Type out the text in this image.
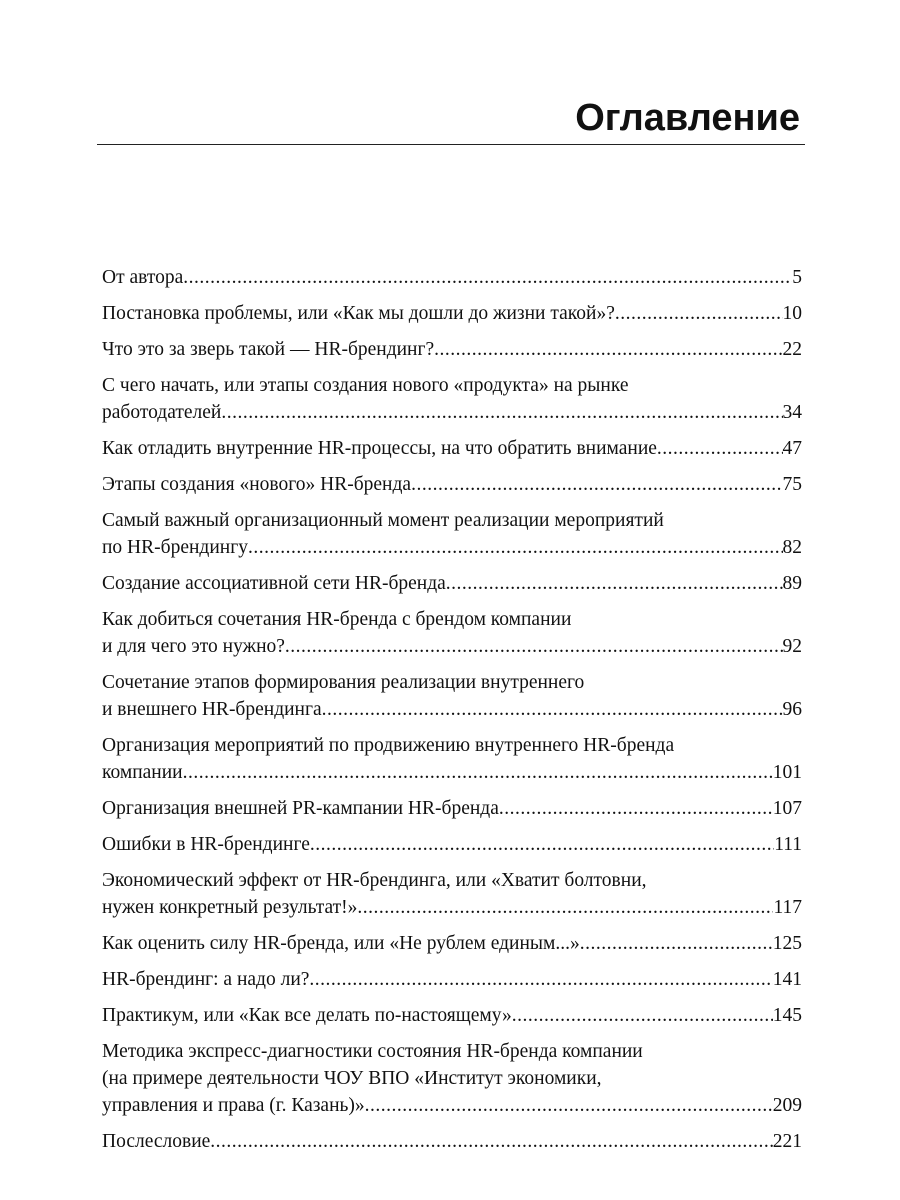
Оглавление
От автора .....	5
Постановка проблемы, или «Как мы дошли до жизни такой»? .....	10
Что это за зверь такой — HR-брендинг? .....	22
С чего начать, или этапы создания нового «продукта» на рынке
работодателей .....	34
Как отладить внутренние HR-процессы, на что обратить внимание .....	47
Этапы создания «нового» HR-бренда .....	75
Самый важный организационный момент реализации мероприятий
по HR-брендингу .....	82
Создание ассоциативной сети HR-бренда .....	89
Как добиться сочетания HR-бренда с брендом компании
и для чего это нужно? .....	92
Сочетание этапов формирования реализации внутреннего
и внешнего HR-брендинга .....	96
Организация мероприятий по продвижению внутреннего HR-бренда
компании .....	101
Организация внешней PR-кампании HR-бренда .....	107
Ошибки в HR-брендинге .....	111
Экономический эффект от HR-брендинга, или «Хватит болтовни,
нужен конкретный результат!» .....	117
Как оценить силу HR-бренда, или «Не рублем единым...» .....	125
HR-брендинг: а надо ли? .....	141
Практикум, или «Как все делать по-настоящему» .....	145
Методика экспресс-диагностики состояния HR-бренда компании
(на примере деятельности ЧОУ ВПО «Институт экономики,
управления и права (г. Казань)» .....	209
Послесловие .....	221
